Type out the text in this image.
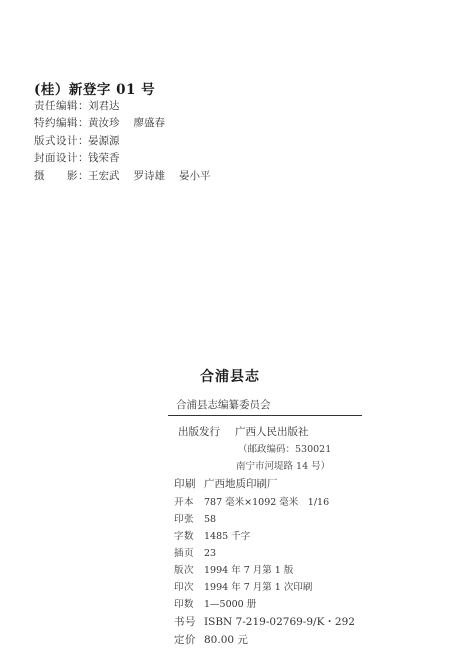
(桂）新登字 01 号
责任编辑：刘君达
特约编辑：黄汝珍 廖盛春
版式设计：晏源源
封面设计：钱荣香
摄　　影：王宏武 罗诗雄 晏小平
合浦县志
合浦县志编纂委员会
出版发行 广西人民出版社
（邮政编码：530021
南宁市河堤路 14 号）
印刷 广西地质印刷厂
开本 787 毫米×1092 毫米　1/16
印张 58
字数 1485 千字
插页 23
版次 1994 年 7 月第 1 版
印次 1994 年 7 月第 1 次印刷
印数 1—5000 册
书号 ISBN 7-219-02769-9/K・292
定价 80.00 元
